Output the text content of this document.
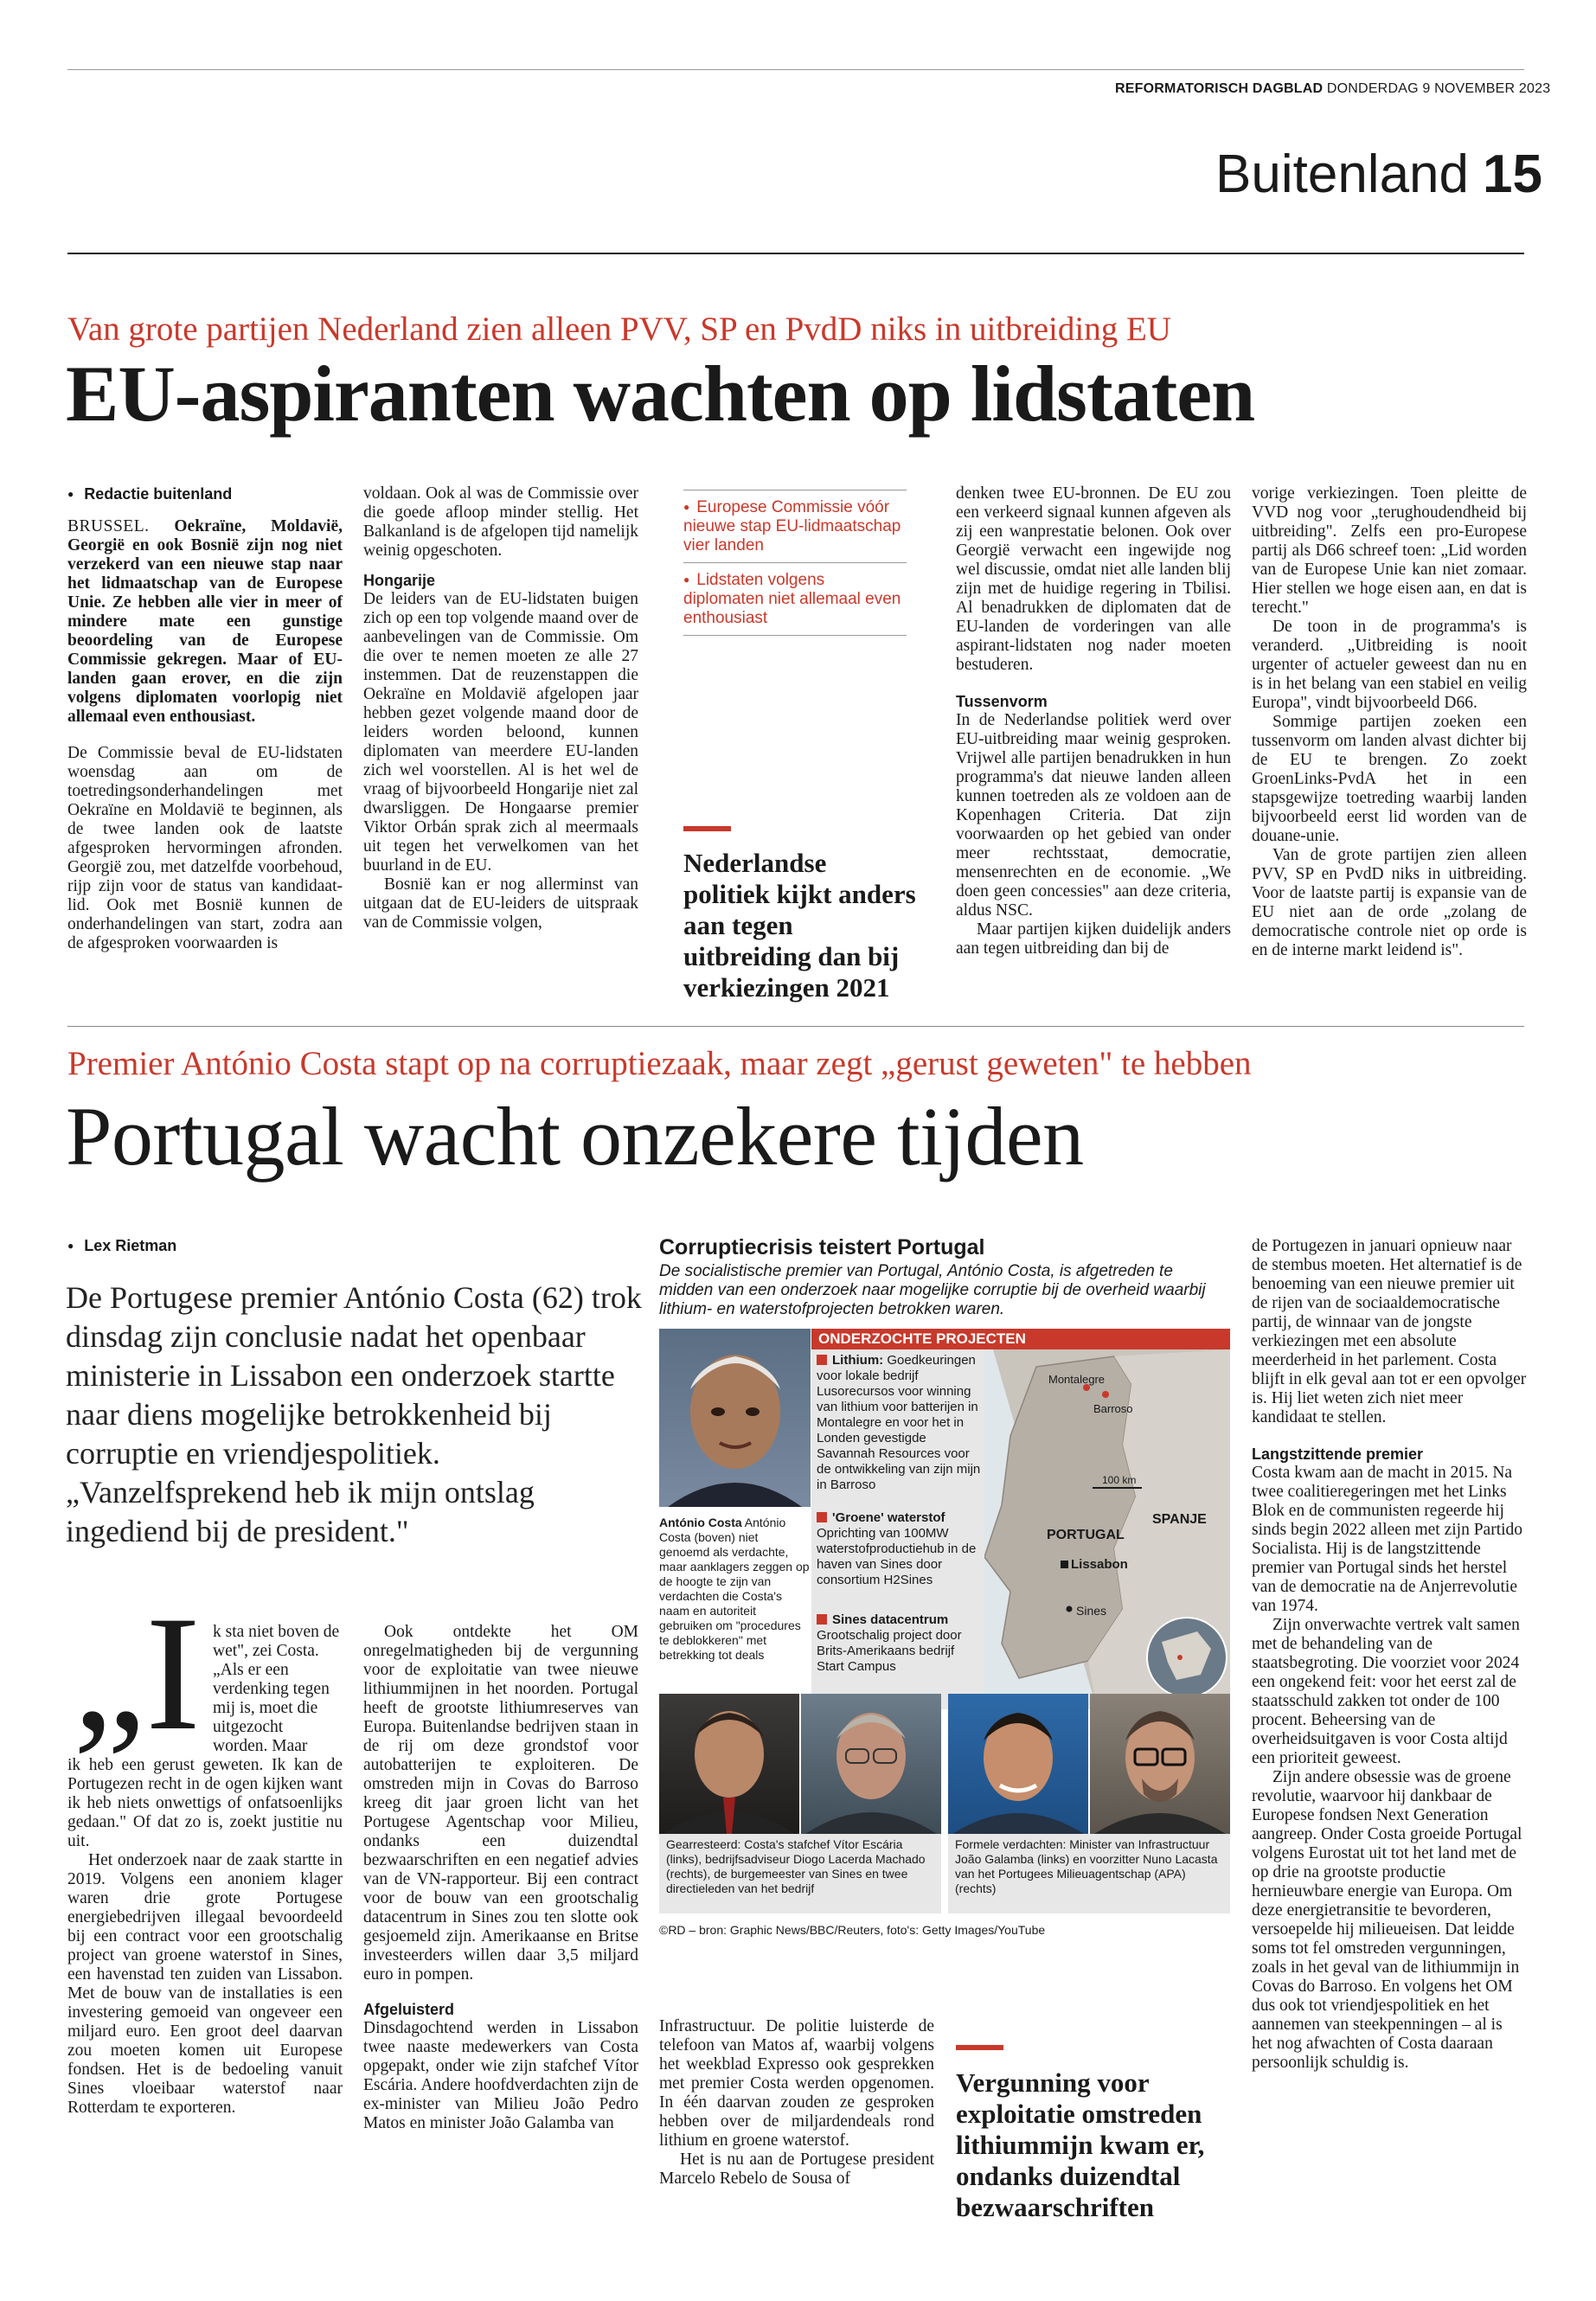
REFORMATORISCH DAGBLAD DONDERDAG 9 NOVEMBER 2023
Buitenland 15
Van grote partijen Nederland zien alleen PVV, SP en PvdD niks in uitbreiding EU
EU-aspiranten wachten op lidstaten
● Redactie buitenland

BRUSSEL. Oekraïne, Moldavië, Georgië en ook Bosnië zijn nog niet verzekerd van een nieuwe stap naar het lidmaatschap van de Europese Unie. Ze hebben alle vier in meer of mindere mate een gunstige beoordeling van de Europese Commissie gekregen. Maar of EU-landen gaan erover, en die zijn volgens diplomaten voorlopig niet allemaal even enthousiast.

De Commissie beval de EU-lidstaten woensdag aan om de toetredingsonderhandelingen met Oekraïne en Moldavië te beginnen, als de twee landen ook de laatste afgesproken hervormingen afronden. Georgië zou, met datzelfde voorbehoud, rijp zijn voor de status van kandidaat-lid. Ook met Bosnië kunnen de onderhandelingen van start, zodra aan de afgesproken voorwaarden is

voldaan. Ook al was de Commissie over die goede afloop minder stellig. Het Balkanland is de afgelopen tijd namelijk weinig opgeschoten.

Hongarije

De leiders van de EU-lidstaten buigen zich op een top volgende maand over de aanbevelingen van de Commissie. Om die over te nemen moeten ze alle 27 instemmen. Dat de reuzenstappen die Oekraïne en Moldavië afgelopen jaar hebben gezet volgende maand door de leiders worden beloond, kunnen diplomaten van meerdere EU-landen zich wel voorstellen. Al is het wel de vraag of bijvoorbeeld Hongarije niet zal dwarsliggen. De Hongaarse premier Viktor Orbán sprak zich al meermaals uit tegen het verwelkomen van het buurland in de EU.

Bosnië kan er nog allerminst van uitgaan dat de EU-leiders de uitspraak van de Commissie volgen,

● Europese Commissie vóór nieuwe stap EU-lidmaatschap vier landen
● Lidstaten volgens diplomaten niet allemaal even enthousiast
Nederlandse politiek kijkt anders aan tegen uitbreiding dan bij verkiezingen 2021

denken twee EU-bronnen. De EU zou een verkeerd signaal kunnen afgeven als zij een wanprestatie belonen. Ook over Georgië verwacht een ingewijde nog wel discussie, omdat niet alle landen blij zijn met de huidige regering in Tbilisi. Al benadrukken de diplomaten dat de EU-landen de vorderingen van alle aspirant-lidstaten nog nader moeten bestuderen.

Tussenvorm

In de Nederlandse politiek werd over EU-uitbreiding maar weinig gesproken. Vrijwel alle partijen benadrukken in hun programma's dat nieuwe landen alleen kunnen toetreden als ze voldoen aan de Kopenhagen Criteria. Dat zijn voorwaarden op het gebied van onder meer rechtsstaat, democratie, mensenrechten en de economie. „We doen geen concessies" aan deze criteria, aldus NSC.

Maar partijen kijken duidelijk anders aan tegen uitbreiding dan bij de

vorige verkiezingen. Toen pleitte de VVD nog voor „terughoudendheid bij uitbreiding". Zelfs een pro-Europese partij als D66 schreef toen: „Lid worden van de Europese Unie kan niet zomaar. Hier stellen we hoge eisen aan, en dat is terecht."

De toon in de programma's is veranderd. „Uitbreiding is nooit urgenter of actueler geweest dan nu en is in het belang van een stabiel en veilig Europa", vindt bijvoorbeeld D66.

Sommige partijen zoeken een tussenvorm om landen alvast dichter bij de EU te brengen. Zo zoekt GroenLinks-PvdA het in een stapsgewijze toetreding waarbij landen bijvoorbeeld eerst lid worden van de douane-unie.

Van de grote partijen zien alleen PVV, SP en PvdD niks in uitbreiding. Voor de laatste partij is expansie van de EU niet aan de orde „zolang de democratische controle niet op orde is en de interne markt leidend is".

Premier António Costa stapt op na corruptiezaak, maar zegt „gerust geweten" te hebben
Portugal wacht onzekere tijden
● Lex Rietman
De Portugese premier António Costa (62) trok dinsdag zijn conclusie nadat het openbaar ministerie in Lissabon een onderzoek startte naar diens mogelijke betrokkenheid bij corruptie en vriendjespolitiek. „Vanzelfsprekend heb ik mijn ontslag ingediend bij de president."
„I k sta niet boven de wet", zei Costa. „Als er een verdenking tegen mij is, moet die uitgezocht worden. Maar

ik heb een gerust geweten. Ik kan de Portugezen recht in de ogen kijken want ik heb niets onwettigs of onfatsoenlijks gedaan." Of dat zo is, zoekt justitie nu uit.

Het onderzoek naar de zaak startte in 2019. Volgens een anoniem klager waren drie grote Portugese energiebedrijven illegaal bevoordeeld bij een contract voor een grootschalig project van groene waterstof in Sines, een havenstad ten zuiden van Lissabon. Met de bouw van de installaties is een investering gemoeid van ongeveer een miljard euro. Een groot deel daarvan zou moeten komen uit Europese fondsen. Het is de bedoeling vanuit Sines vloeibaar waterstof naar Rotterdam te exporteren.

Ook ontdekte het OM onregelmatigheden bij de vergunning voor de exploitatie van twee nieuwe lithiummijnen in het noorden. Portugal heeft de grootste lithiumreserves van Europa. Buitenlandse bedrijven staan in de rij om deze grondstof voor autobatterijen te exploiteren. De omstreden mijn in Covas do Barroso kreeg dit jaar groen licht van het Portugese Agentschap voor Milieu, ondanks een duizendtal bezwaarschriften en een negatief advies van de VN-rapporteur. Bij een contract voor de bouw van een grootschalig datacentrum in Sines zou ten slotte ook gesjoemeld zijn. Amerikaanse en Britse investeerders willen daar 3,5 miljard euro in pompen.

Afgeluisterd

Dinsdagochtend werden in Lissabon twee naaste medewerkers van Costa opgepakt, onder wie zijn stafchef Vítor Escária. Andere hoofdverdachten zijn de ex-minister van Milieu João Pedro Matos en minister João Galamba van

Corruptiecrisis teistert Portugal
De socialistische premier van Portugal, António Costa, is afgetreden te midden van een onderzoek naar mogelijke corruptie bij de overheid waarbij lithium- en waterstofprojecten betrokken waren.
António Costa António Costa (boven) niet genoemd als verdachte, maar aanklagers zeggen op de hoogte te zijn van verdachten die Costa's naam en autoriteit gebruiken om "procedures te deblokkeren" met betrekking tot deals
ONDERZOCHTE PROJECTEN
Lithium: Goedkeuringen voor lokale bedrijf Lusorecursos voor winning van lithium voor batterijen in Montalegre en voor het in Londen gevestigde Savannah Resources voor de ontwikkeling van zijn mijn in Barroso
'Groene' waterstof
Oprichting van 100MW waterstofproductiehub in de haven van Sines door consortium H2Sines
Sines datacentrum
Grootschalig project door Brits-Amerikaans bedrijf Start Campus
Montalegre
Barroso
100 km
PORTUGAL
SPANJE
Lissabon
Sines
Gearresteerd: Costa's stafchef Vítor Escária (links), bedrijfsadviseur Diogo Lacerda Machado (rechts), de burgemeester van Sines en twee directieleden van het bedrijf
Formele verdachten: Minister van Infrastructuur João Galamba (links) en voorzitter Nuno Lacasta van het Portugees Milieuagentschap (APA) (rechts)
©RD – bron: Graphic News/BBC/Reuters, foto's: Getty Images/YouTube

Infrastructuur. De politie luisterde de telefoon van Matos af, waarbij volgens het weekblad Expresso ook gesprekken met premier Costa werden opgenomen. In één daarvan zouden ze gesproken hebben over de miljardendeals rond lithium en groene waterstof.

Het is nu aan de Portugese president Marcelo Rebelo de Sousa of

Vergunning voor exploitatie omstreden lithiummijn kwam er, ondanks duizendtal bezwaarschriften

de Portugezen in januari opnieuw naar de stembus moeten. Het alternatief is de benoeming van een nieuwe premier uit de rijen van de sociaaldemocratische partij, de winnaar van de jongste verkiezingen met een absolute meerderheid in het parlement. Costa blijft in elk geval aan tot er een opvolger is. Hij liet weten zich niet meer kandidaat te stellen.

Langstzittende premier

Costa kwam aan de macht in 2015. Na twee coalitieregeringen met het Links Blok en de communisten regeerde hij sinds begin 2022 alleen met zijn Partido Socialista. Hij is de langstzittende premier van Portugal sinds het herstel van de democratie na de Anjerrevolutie van 1974.

Zijn onverwachte vertrek valt samen met de behandeling van de staatsbegroting. Die voorziet voor 2024 een ongekend feit: voor het eerst zal de staatsschuld zakken tot onder de 100 procent. Beheersing van de overheidsuitgaven is voor Costa altijd een prioriteit geweest.

Zijn andere obsessie was de groene revolutie, waarvoor hij dankbaar de Europese fondsen Next Generation aangreep. Onder Costa groeide Portugal volgens Eurostat uit tot het land met de op drie na grootste productie hernieuwbare energie van Europa. Om deze energietransitie te bevorderen, versoepelde hij milieueisen. Dat leidde soms tot fel omstreden vergunningen, zoals in het geval van de lithiummijn in Covas do Barroso. En volgens het OM dus ook tot vriendjespolitiek en het aannemen van steekpenningen – al is het nog afwachten of Costa daaraan persoonlijk schuldig is.
